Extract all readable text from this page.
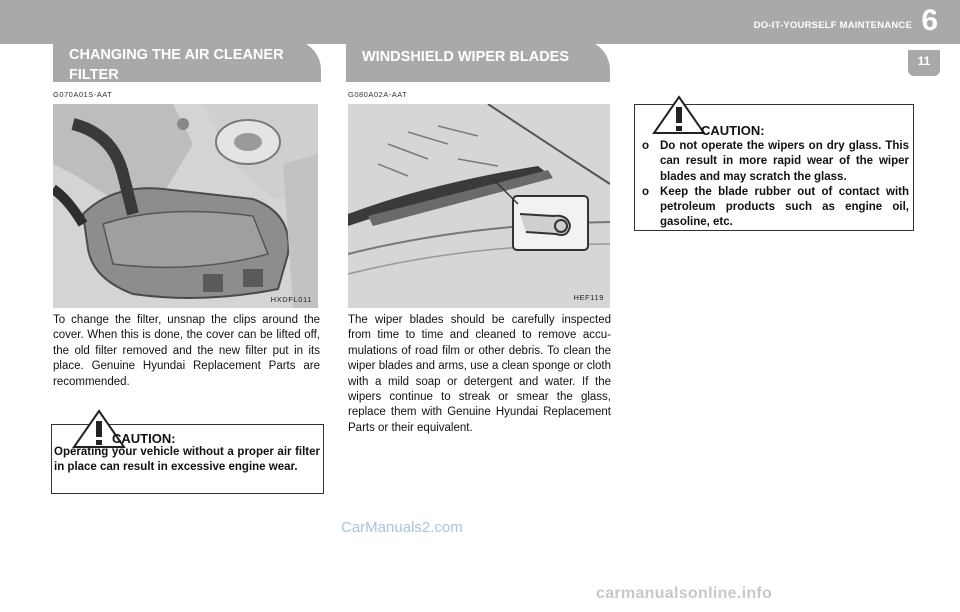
DO-IT-YOURSELF MAINTENANCE 6
11
CHANGING THE AIR CLEANER FILTER
G070A01S-AAT
HXDFL011
To change the filter, unsnap the clips around the cover. When this is done, the cover can be lifted off, the old filter removed and the new filter put in its place. Genuine Hyundai Replacement Parts are recommended.
CAUTION:
Operating your vehicle without a proper air filter in place can result in excessive engine wear.
WINDSHIELD WIPER BLADES
G080A02A-AAT
HEF119
The wiper blades should be carefully inspected from time to time and cleaned to remove accu- mulations of road film or other debris. To clean the wiper blades and arms, use a clean sponge or cloth with a mild soap or detergent and water. If the wipers continue to streak or smear the glass, replace them with Genuine Hyundai Replacement Parts or their equivalent.
CAUTION:
o Do not operate the wipers on dry glass. This can result in more rapid wear of the wiper blades and may scratch the glass.
o Keep the blade rubber out of contact with petroleum products such as engine oil, gasoline, etc.
CarManuals2.com
carmanualsonline.info
